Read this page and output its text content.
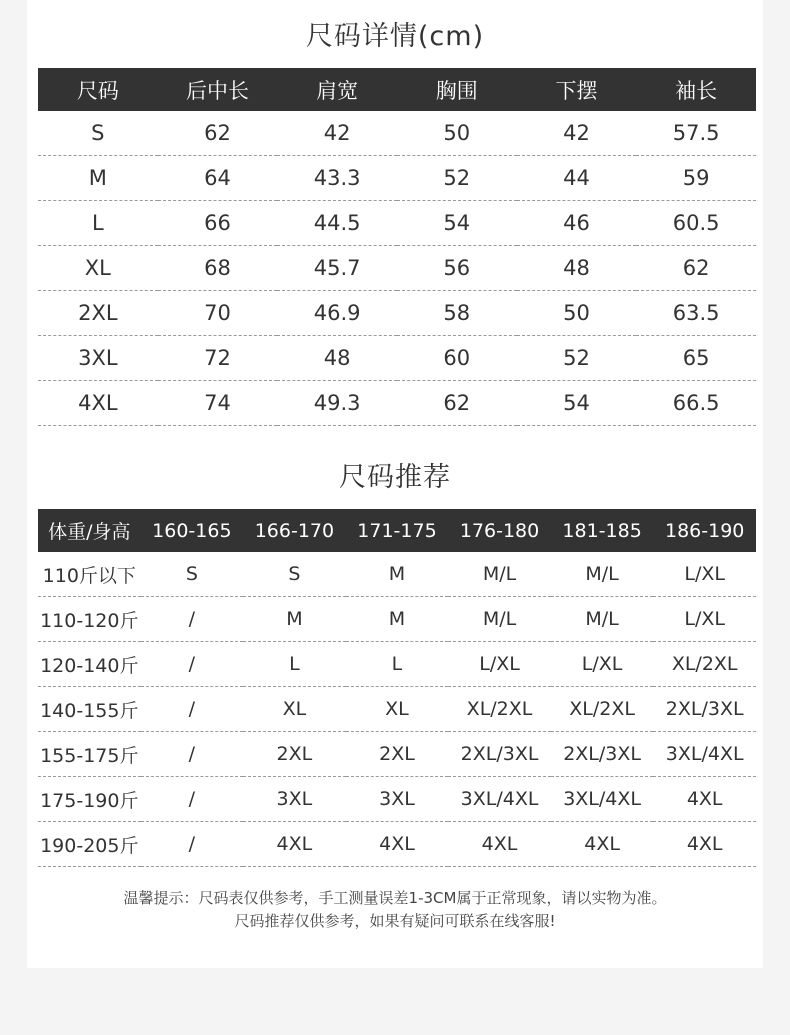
尺码详情(cm)
尺码	后中长	肩宽	胸围	下摆	袖长
S	62	42	50	42	57.5
M	64	43.3	52	44	59
L	66	44.5	54	46	60.5
XL	68	45.7	56	48	62
2XL	70	46.9	58	50	63.5
3XL	72	48	60	52	65
4XL	74	49.3	62	54	66.5
尺码推荐
体重/身高	160-165	166-170	171-175	176-180	181-185	186-190
110斤以下	S	S	M	M/L	M/L	L/XL
110-120斤	/	M	M	M/L	M/L	L/XL
120-140斤	/	L	L	L/XL	L/XL	XL/2XL
140-155斤	/	XL	XL	XL/2XL	XL/2XL	2XL/3XL
155-175斤	/	2XL	2XL	2XL/3XL	2XL/3XL	3XL/4XL
175-190斤	/	3XL	3XL	3XL/4XL	3XL/4XL	4XL
190-205斤	/	4XL	4XL	4XL	4XL	4XL
温馨提示：尺码表仅供参考，手工测量误差1-3CM属于正常现象，请以实物为准。
尺码推荐仅供参考，如果有疑问可联系在线客服!
